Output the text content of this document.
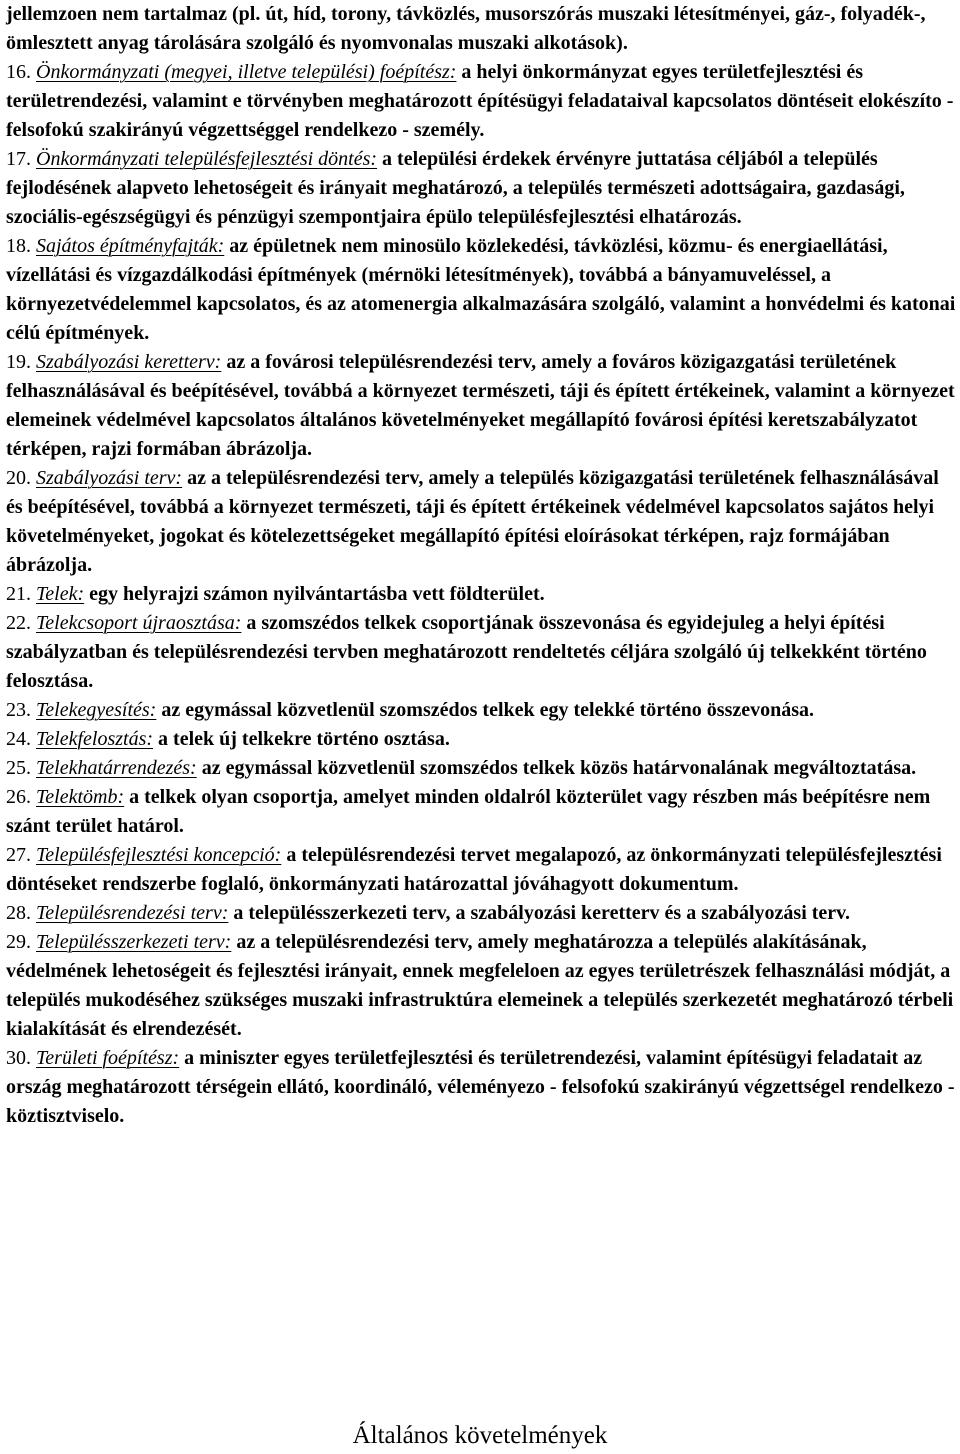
jellemzoen nem tartalmaz (pl. út, híd, torony, távközlés, musorszórás muszaki létesítményei, gáz-, folyadék-, ömlesztett anyag tárolására szolgáló és nyomvonalas muszaki alkotások).

16. Önkormányzati (megyei, illetve települési) foépítész: a helyi önkormányzat egyes területfejlesztési és területrendezési, valamint e törvényben meghatározott építésügyi feladataival kapcsolatos döntéseit elokészíto - felsofokú szakirányú végzettséggel rendelkezo - személy.

17. Önkormányzati településfejlesztési döntés: a települési érdekek érvényre juttatása céljából a település fejlodésének alapveto lehetoségeit és irányait meghatározó, a település természeti adottságaira, gazdasági, szociális-egészségügyi és pénzügyi szempontjaira épülo településfejlesztési elhatározás.

18. Sajátos építményfajták: az épületnek nem minosülo közlekedési, távközlési, közmu- és energiaellátási, vízellátási és vízgazdálkodási építmények (mérnöki létesítmények), továbbá a bányamuveléssel, a környezetvédelemmel kapcsolatos, és az atomenergia alkalmazására szolgáló, valamint a honvédelmi és katonai célú építmények.

19. Szabályozási keretterv: az a fovárosi településrendezési terv, amely a fováros közigazgatási területének felhasználásával és beépítésével, továbbá a környezet természeti, táji és épített értékeinek, valamint a környezet elemeinek védelmével kapcsolatos általános követelményeket megállapító fovárosi építési keretszabályzatot térképen, rajzi formában ábrázolja.

20. Szabályozási terv: az a településrendezési terv, amely a település közigazgatási területének felhasználásával és beépítésével, továbbá a környezet természeti, táji és épített értékeinek védelmével kapcsolatos sajátos helyi követelményeket, jogokat és kötelezettségeket megállapító építési eloírásokat térképen, rajz formájában ábrázolja.

21. Telek: egy helyrajzi számon nyilvántartásba vett földterület.

22. Telekcsoport újraosztása: a szomszédos telkek csoportjának összevonása és egyidejuleg a helyi építési szabályzatban és településrendezési tervben meghatározott rendeltetés céljára szolgáló új telkekként történo felosztása.

23. Telekegyesítés: az egymással közvetlenül szomszédos telkek egy telekké történo összevonása.

24. Telekfelosztás: a telek új telkekre történo osztása.

25. Telekhatárrendezés: az egymással közvetlenül szomszédos telkek közös határvonalának megváltoztatása.

26. Telektömb: a telkek olyan csoportja, amelyet minden oldalról közterület vagy részben más beépítésre nem szánt terület határol.

27. Településfejlesztési koncepció: a településrendezési tervet megalapozó, az önkormányzati településfejlesztési döntéseket rendszerbe foglaló, önkormányzati határozattal jóváhagyott dokumentum.

28. Településrendezési terv: a településszerkezeti terv, a szabályozási keretterv és a szabályozási terv.

29. Településszerkezeti terv: az a településrendezési terv, amely meghatározza a település alakításának, védelmének lehetoségeit és fejlesztési irányait, ennek megfeleloen az egyes területrészek felhasználási módját, a település mukodéséhez szükséges muszaki infrastruktúra elemeinek a település szerkezetét meghatározó térbeli kialakítását és elrendezését.

30. Területi foépítész: a miniszter egyes területfejlesztési és területrendezési, valamint építésügyi feladatait az ország meghatározott térségein ellátó, koordináló, véleményezo - felsofokú szakirányú végzettségel rendelkezo - köztisztviselo.

Általános követelmények
